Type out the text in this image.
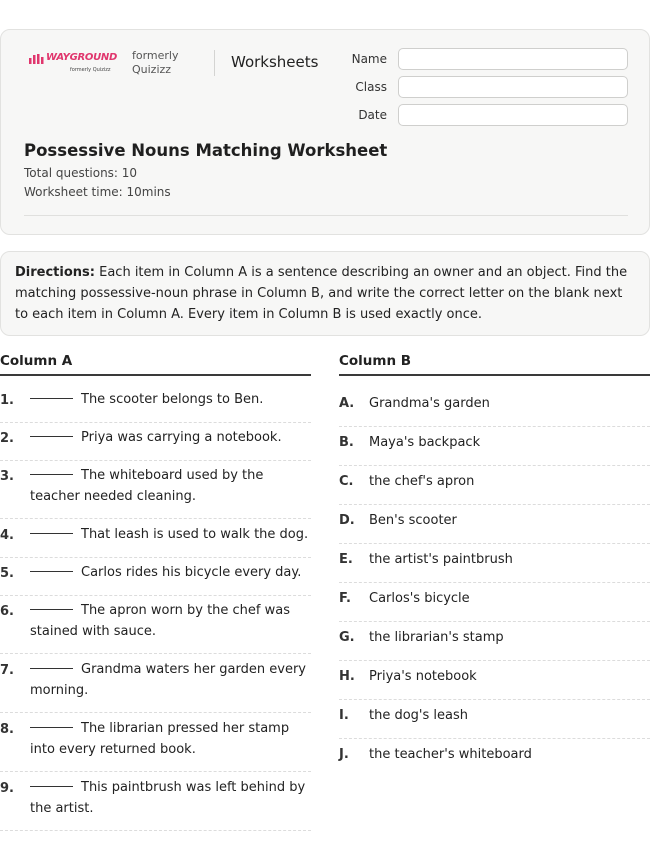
WAYGROUND
formerly Quizizz
formerly Quizizz	Worksheets	Name
Class
Date
Possessive Nouns Matching Worksheet
Total questions: 10
Worksheet time: 10mins
Directions: Each item in Column A is a sentence describing an owner and an object. Find the matching possessive-noun phrase in Column B, and write the correct letter on the blank next to each item in Column A. Every item in Column B is used exactly once.
Column A
1.	The scooter belongs to Ben.
2.	Priya was carrying a notebook.
3.	The whiteboard used by the teacher needed cleaning.
4.	That leash is used to walk the dog.
5.	Carlos rides his bicycle every day.
6.	The apron worn by the chef was stained with sauce.
7.	Grandma waters her garden every morning.
8.	The librarian pressed her stamp into every returned book.
9.	This paintbrush was left behind by the artist.
Column B
A. Grandma's garden
B. Maya's backpack
C. the chef's apron
D. Ben's scooter
E. the artist's paintbrush
F. Carlos's bicycle
G. the librarian's stamp
H. Priya's notebook
I. the dog's leash
J. the teacher's whiteboard
